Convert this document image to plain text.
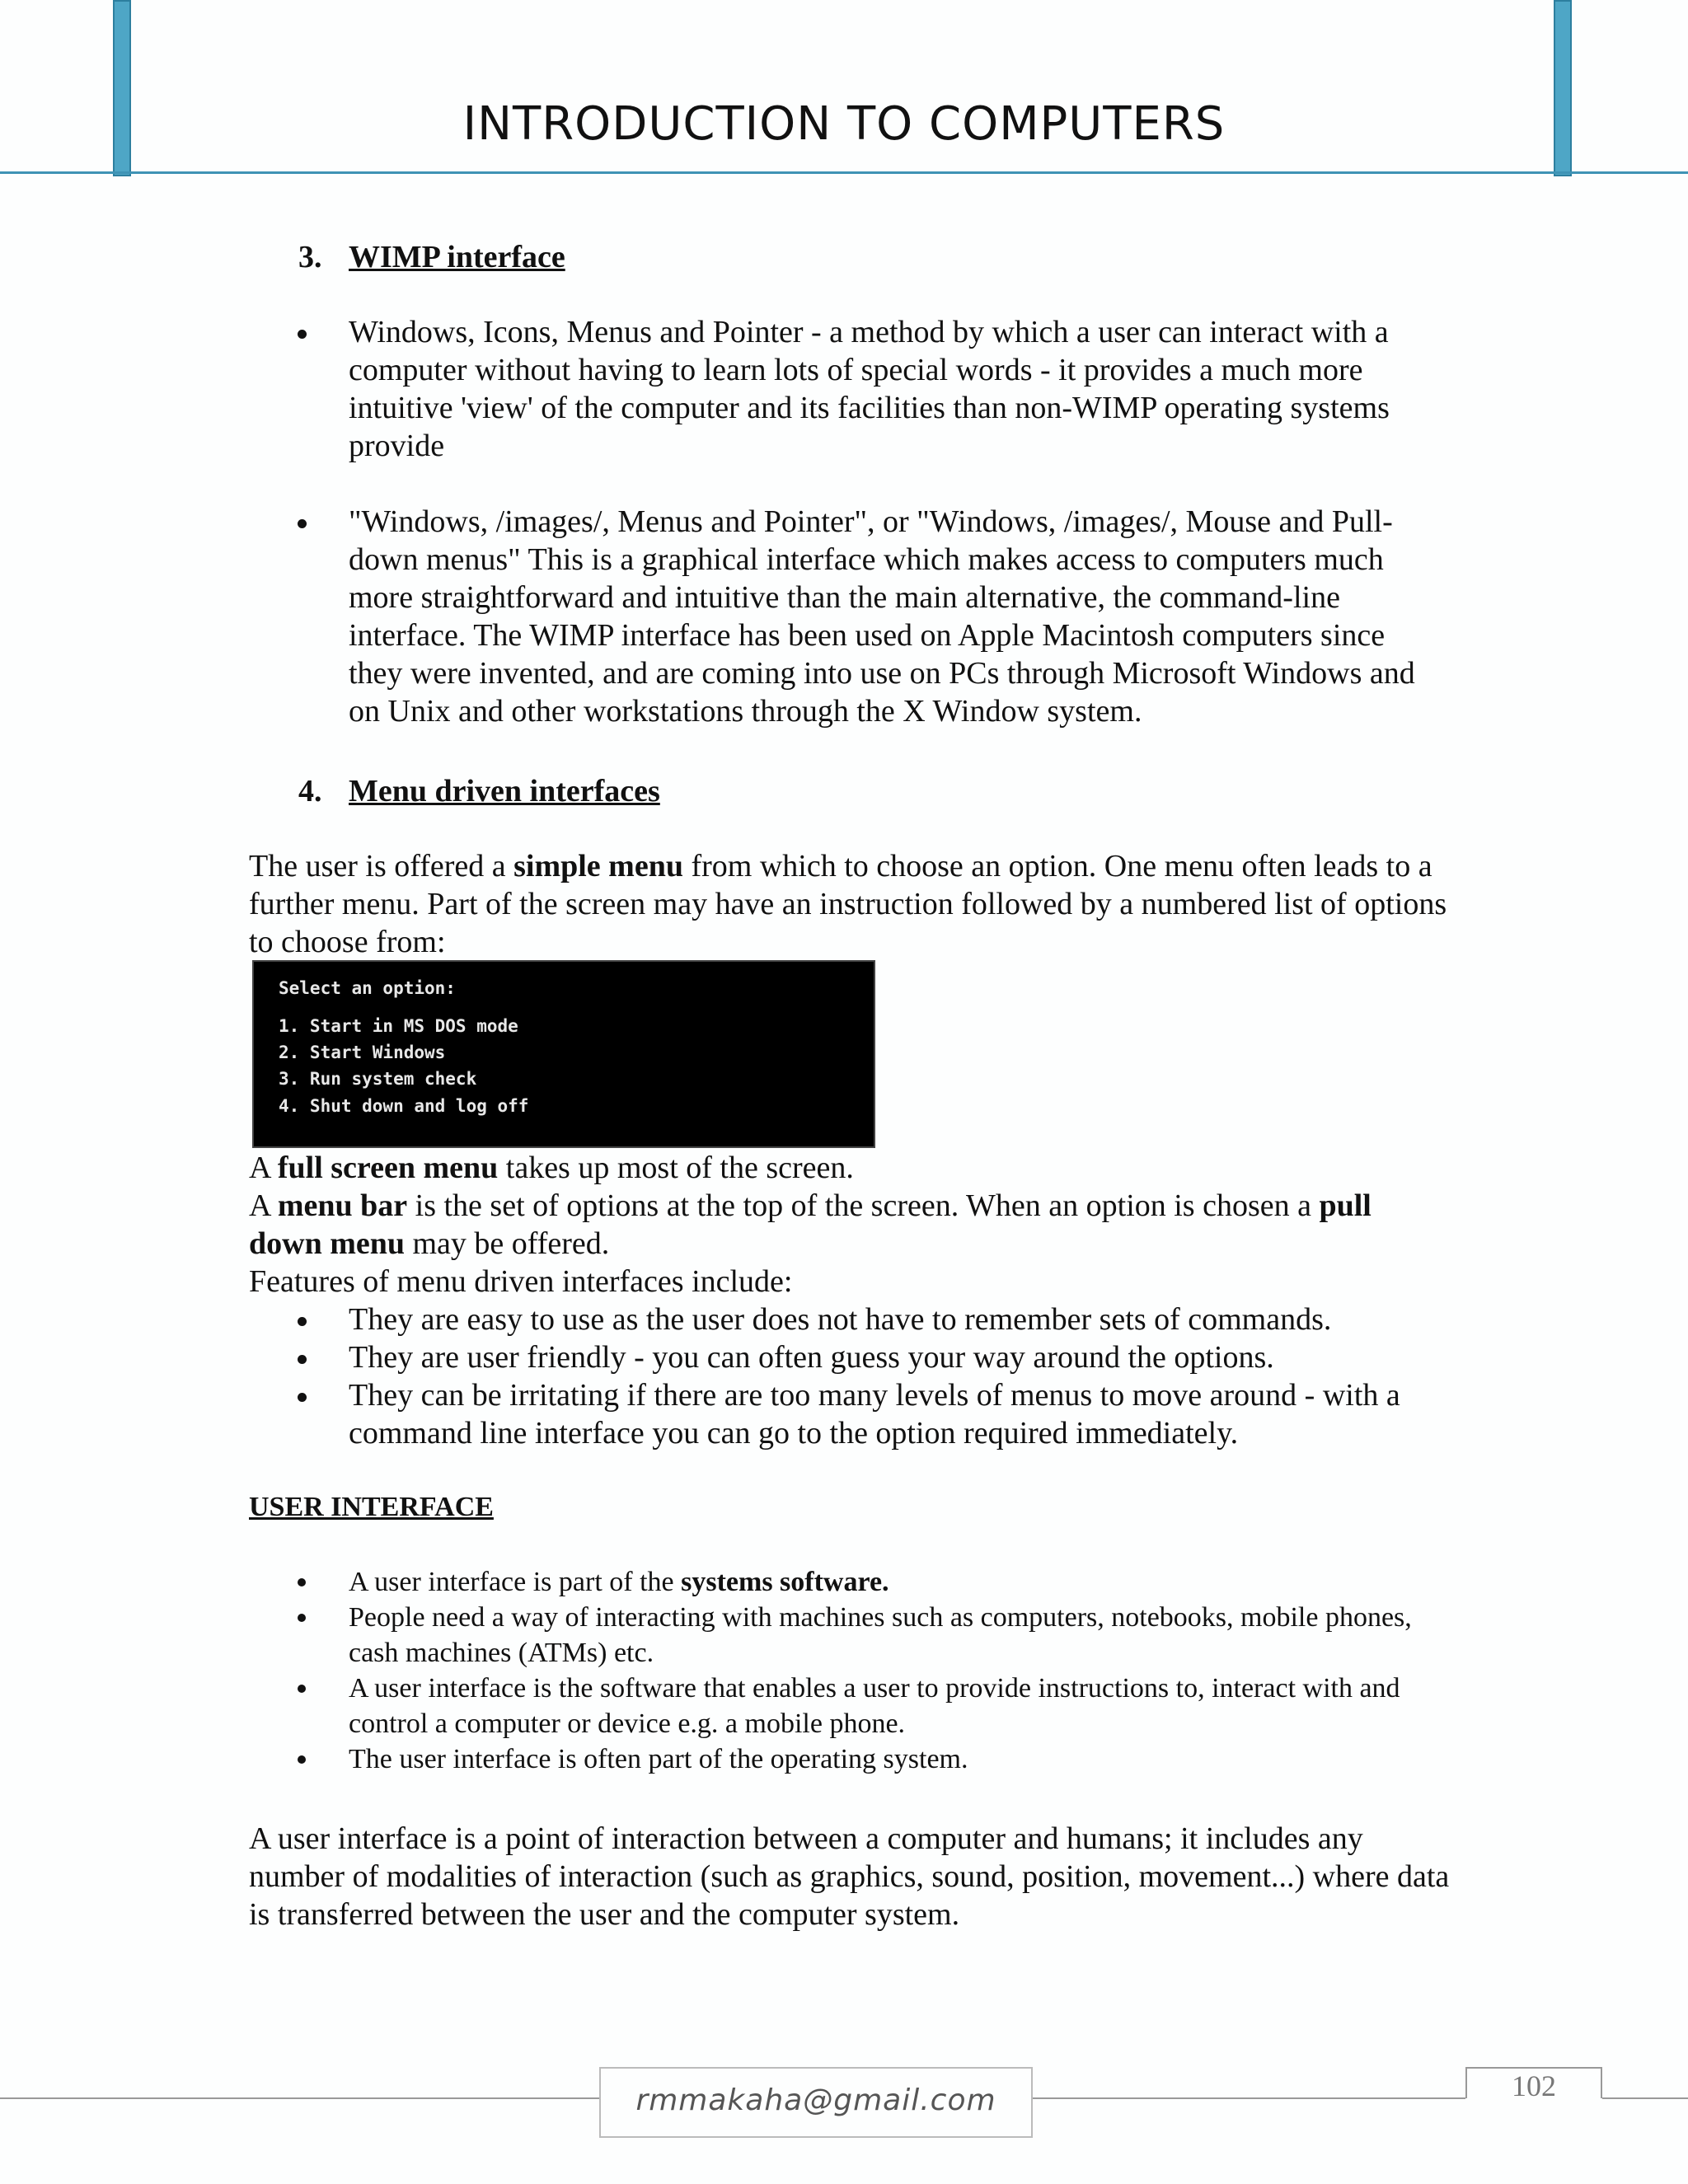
INTRODUCTION TO COMPUTERS
3. WIMP interface
Windows, Icons, Menus and Pointer - a method by which a user can interact with a computer without having to learn lots of special words - it provides a much more intuitive 'view' of the computer and its facilities than non-WIMP operating systems provide
"Windows, /images/, Menus and Pointer", or "Windows, /images/, Mouse and Pull-down menus" This is a graphical interface which makes access to computers much more straightforward and intuitive than the main alternative, the command-line interface. The WIMP interface has been used on Apple Macintosh computers since they were invented, and are coming into use on PCs through Microsoft Windows and on Unix and other workstations through the X Window system.
4. Menu driven interfaces

The user is offered a simple menu from which to choose an option. One menu often leads to a further menu. Part of the screen may have an instruction followed by a numbered list of options to choose from:

Select an option:
1. Start in MS DOS mode
2. Start Windows
3. Run system check
4. Shut down and log off

A full screen menu takes up most of the screen.

A menu bar is the set of options at the top of the screen. When an option is chosen a pull down menu may be offered.

Features of menu driven interfaces include:

They are easy to use as the user does not have to remember sets of commands.
They are user friendly - you can often guess your way around the options.
They can be irritating if there are too many levels of menus to move around - with a command line interface you can go to the option required immediately.
USER INTERFACE
A user interface is part of the systems software.
People need a way of interacting with machines such as computers, notebooks, mobile phones, cash machines (ATMs) etc.
A user interface is the software that enables a user to provide instructions to, interact with and control a computer or device e.g. a mobile phone.
The user interface is often part of the operating system.

A user interface is a point of interaction between a computer and humans; it includes any number of modalities of interaction (such as graphics, sound, position, movement...) where data is transferred between the user and the computer system.

rmmakaha@gmail.com	102
